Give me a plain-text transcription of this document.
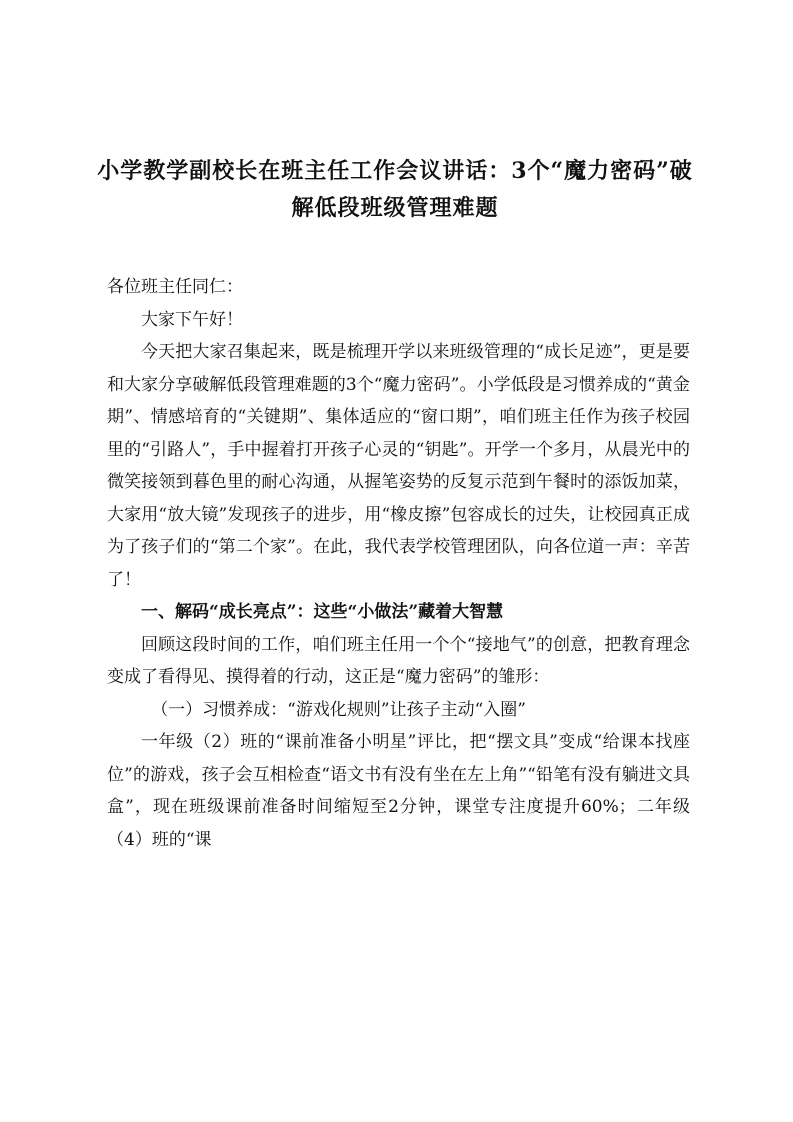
小学教学副校长在班主任工作会议讲话：3个“魔力密码”破解低段班级管理难题

各位班主任同仁：

大家下午好！

今天把大家召集起来，既是梳理开学以来班级管理的“成长足迹”，更是要和大家分享破解低段管理难题的3个“魔力密码”。小学低段是习惯养成的“黄金期”、情感培育的“关键期”、集体适应的“窗口期”，咱们班主任作为孩子校园里的“引路人”，手中握着打开孩子心灵的“钥匙”。开学一个多月，从晨光中的微笑接领到暮色里的耐心沟通，从握笔姿势的反复示范到午餐时的添饭加菜，大家用“放大镜”发现孩子的进步，用“橡皮擦”包容成长的过失，让校园真正成为了孩子们的“第二个家”。在此，我代表学校管理团队，向各位道一声：辛苦了！

一、解码“成长亮点”：这些“小做法”藏着大智慧

回顾这段时间的工作，咱们班主任用一个个“接地气”的创意，把教育理念变成了看得见、摸得着的行动，这正是“魔力密码”的雏形：

（一）习惯养成：“游戏化规则”让孩子主动“入圈”

一年级（2）班的“课前准备小明星”评比，把“摆文具”变成“给课本找座位”的游戏，孩子会互相检查“语文书有没有坐在左上角”“铅笔有没有躺进文具盒”，现在班级课前准备时间缩短至2分钟，课堂专注度提升60%；二年级（4）班的“课
